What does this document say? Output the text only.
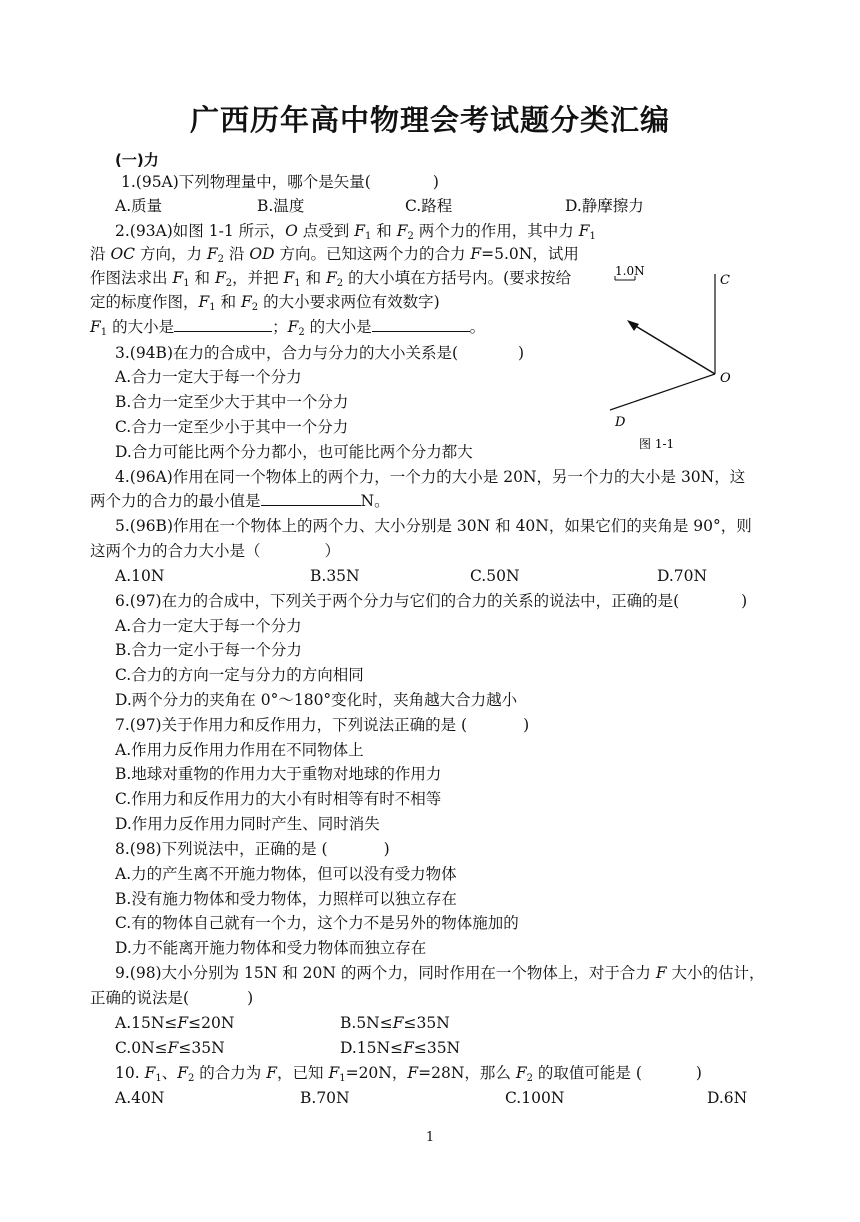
广西历年高中物理会考试题分类汇编
(一)力
1.(95A)下列物理量中，哪个是矢量(	)
A.质量	B.温度	C.路程	D.静摩擦力
2.(93A)如图 1-1 所示，O 点受到 $F_1$ 和 $F_2$ 两个力的作用，其中力 $F_1$
沿 OC 方向，力 $F_2$ 沿 OD 方向。已知这两个力的合力 F=5.0N，试用
作图法求出 $F_1$ 和 $F_2$，并把 $F_1$ 和 $F_2$ 的大小填在方括号内。(要求按给
定的标度作图，$F_1$ 和 $F_2$ 的大小要求两位有效数字)
$F_1$ 的大小是	；$F_2$ 的大小是	。
1.0N
C
O
D
图 1-1
3.(94B)在力的合成中，合力与分力的大小关系是(	)
A.合力一定大于每一个分力
B.合力一定至少大于其中一个分力
C.合力一定至少小于其中一个分力
D.合力可能比两个分力都小，也可能比两个分力都大
4.(96A)作用在同一个物体上的两个力，一个力的大小是 20N，另一个力的大小是 30N，这
两个力的合力的最小值是	N。
5.(96B)作用在一个物体上的两个力、大小分别是 30N 和 40N，如果它们的夹角是 90°，则
这两个力的合力大小是（	）
A.10N	B.35N	C.50N	D.70N
6.(97)在力的合成中，下列关于两个分力与它们的合力的关系的说法中，正确的是(	)
A.合力一定大于每一个分力
B.合力一定小于每一个分力
C.合力的方向一定与分力的方向相同
D.两个分力的夹角在 0°～180°变化时，夹角越大合力越小
7.(97)关于作用力和反作用力，下列说法正确的是 (	)
A.作用力反作用力作用在不同物体上
B.地球对重物的作用力大于重物对地球的作用力
C.作用力和反作用力的大小有时相等有时不相等
D.作用力反作用力同时产生、同时消失
8.(98)下列说法中，正确的是 (	)
A.力的产生离不开施力物体，但可以没有受力物体
B.没有施力物体和受力物体，力照样可以独立存在
C.有的物体自己就有一个力，这个力不是另外的物体施加的
D.力不能离开施力物体和受力物体而独立存在
9.(98)大小分别为 15N 和 20N 的两个力，同时作用在一个物体上，对于合力 F 大小的估计，
正确的说法是(	)
A.15N≤F≤20N	B.5N≤F≤35N
C.0N≤F≤35N	D.15N≤F≤35N
10. $F_1$、$F_2$ 的合力为 F，已知 $F_1=20N$，F=28N，那么 $F_2$ 的取值可能是 (	)
A.40N	B.70N	C.100N	D.6N
1
